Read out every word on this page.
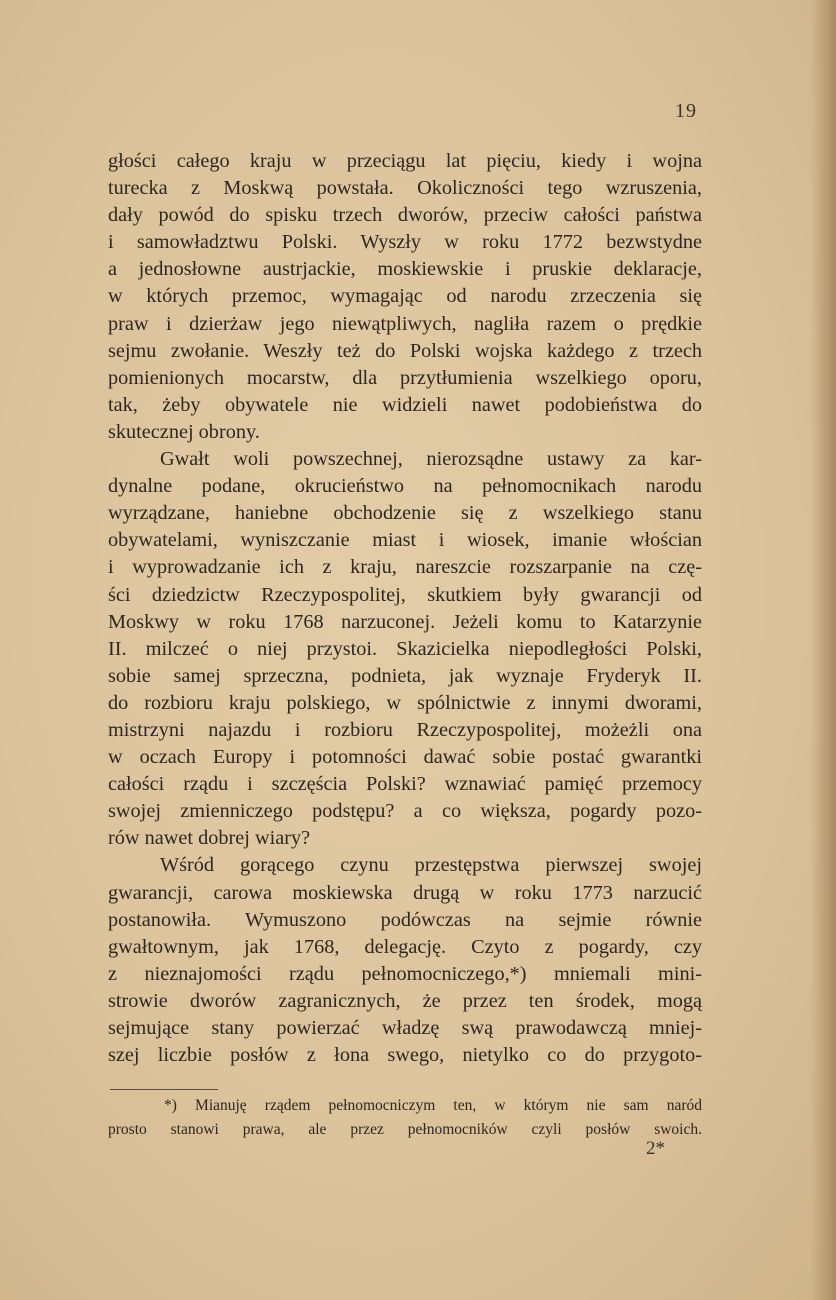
19
głości całego kraju w przeciągu lat pięciu, kiedy i wojna
turecka z Moskwą powstała. Okoliczności tego wzruszenia,
dały powód do spisku trzech dworów, przeciw całości państwa
i samowładztwu Polski. Wyszły w roku 1772 bezwstydne
a jednosłowne austrjackie, moskiewskie i pruskie deklaracje,
w których przemoc, wymagając od narodu zrzeczenia się
praw i dzierżaw jego niewątpliwych, nagliła razem o prędkie
sejmu zwołanie. Weszły też do Polski wojska każdego z trzech
pomienionych mocarstw, dla przytłumienia wszelkiego oporu,
tak, żeby obywatele nie widzieli nawet podobieństwa do
skutecznej obrony.
Gwałt woli powszechnej, nierozsądne ustawy za kar-
dynalne podane, okrucieństwo na pełnomocnikach narodu
wyrządzane, haniebne obchodzenie się z wszelkiego stanu
obywatelami, wyniszczanie miast i wiosek, imanie włościan
i wyprowadzanie ich z kraju, nareszcie rozszarpanie na czę-
ści dziedzictw Rzeczypospolitej, skutkiem były gwarancji od
Moskwy w roku 1768 narzuconej. Jeżeli komu to Katarzynie
II. milczeć o niej przystoi. Skazicielka niepodległości Polski,
sobie samej sprzeczna, podnieta, jak wyznaje Fryderyk II.
do rozbioru kraju polskiego, w spólnictwie z innymi dworami,
mistrzyni najazdu i rozbioru Rzeczypospolitej, możeżli ona
w oczach Europy i potomności dawać sobie postać gwarantki
całości rządu i szczęścia Polski? wznawiać pamięć przemocy
swojej zmienniczego podstępu? a co większa, pogardy pozo-
rów nawet dobrej wiary?
Wśród gorącego czynu przestępstwa pierwszej swojej
gwarancji, carowa moskiewska drugą w roku 1773 narzucić
postanowiła. Wymuszono podówczas na sejmie równie
gwałtownym, jak 1768, delegację. Czyto z pogardy, czy
z nieznajomości rządu pełnomocniczego,*) mniemali mini-
strowie dworów zagranicznych, że przez ten środek, mogą
sejmujące stany powierzać władzę swą prawodawczą mniej-
szej liczbie posłów z łona swego, nietylko co do przygoto-
*) Mianuję rządem pełnomocniczym ten, w którym nie sam naród
prosto stanowi prawa, ale przez pełnomocników czyli posłów swoich.
2*
